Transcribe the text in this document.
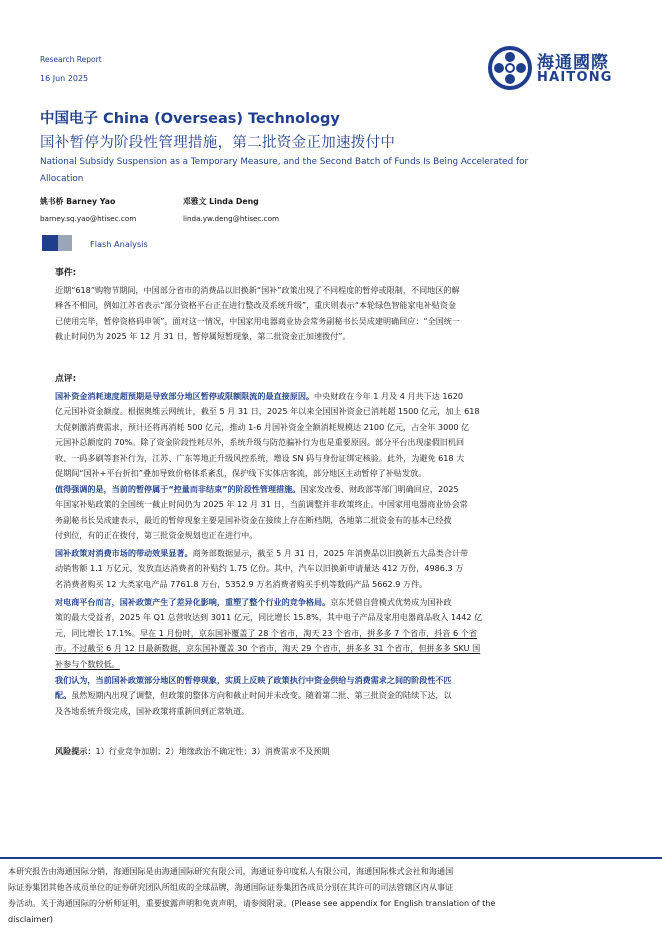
Research Report
16 Jun 2025
海通國際
HAITONG
中国电子 China (Overseas) Technology
国补暂停为阶段性管理措施，第二批资金正加速拨付中
National Subsidy Suspension as a Temporary Measure, and the Second Batch of Funds Is Being Accelerated for
Allocation
姚书桥 Barney Yao
barney.sq.yao@htisec.com
邓雅文 Linda Deng
linda.yw.deng@htisec.com
Flash Analysis
事件:
近期“618”购物节期间，中国部分省市的消费品以旧换新“国补”政策出现了不同程度的暂停或限制，不同地区的解
释各不相同，例如江苏省表示“部分资格平台正在进行整改及系统升级”，重庆则表示“本轮绿色智能家电补贴资金
已使用完毕，暂停资格码申领”。面对这一情况，中国家用电器商业协会常务副秘书长吴成建明确回应：“全国统一
截止时间仍为 2025 年 12 月 31 日，暂停属短暂现象，第二批资金正加速拨付”。
点评:
国补资金消耗速度超预期是导致部分地区暂停或限额限流的最直接原因。中央财政在今年 1 月及 4 月共下达 1620
亿元国补资金额度。根据奥维云网统计，截至 5 月 31 日，2025 年以来全国国补资金已消耗超 1500 亿元，加上 618
大促刺激消费需求，预计还将再消耗 500 亿元，推动 1-6 月国补资金全额消耗规模达 2100 亿元，占全年 3000 亿
元国补总额度的 70%。除了资金阶段性耗尽外，系统升级与防范骗补行为也是重要原因。部分平台出现虚假旧机回
收、一码多刷等套补行为，江苏、广东等地正升级风控系统，增设 SN 码与身份证绑定核验。此外，为避免 618 大
促期间“国补+平台折扣”叠加导致价格体系紊乱，保护线下实体店客流，部分地区主动暂停了补贴发放。
值得强调的是，当前的暂停属于“控量而非结束”的阶段性管理措施。国家发改委、财政部等部门明确回应，2025
年国家补贴政策的全国统一截止时间仍为 2025 年 12 月 31 日，当前调整并非政策终止。中国家用电器商业协会常
务副秘书长吴成建表示，最近的暂停现象主要是国补资金在接续上存在断档期，各地第二批资金有的基本已经拨
付到位，有的正在拨付，第三批资金规划也正在进行中。
国补政策对消费市场的带动效果显著。商务部数据显示，截至 5 月 31 日，2025 年消费品以旧换新五大品类合计带
动销售额 1.1 万亿元，发放直达消费者的补贴约 1.75 亿份。其中，汽车以旧换新申请量达 412 万份，4986.3 万
名消费者购买 12 大类家电产品 7761.8 万台，5352.9 万名消费者购买手机等数码产品 5662.9 万件。
对电商平台而言，国补政策产生了差异化影响，重塑了整个行业的竞争格局。京东凭借自营模式优势成为国补政
策的最大受益者，2025 年 Q1 总营收达到 3011 亿元，同比增长 15.8%，其中电子产品及家用电器商品收入 1442 亿
元，同比增长 17.1%。早在 1 月份时，京东国补覆盖了 28 个省市，淘天 23 个省市，拼多多 7 个省市，抖音 6 个省
市。不过截至 6 月 12 日最新数据，京东国补覆盖 30 个省市，淘天 29 个省市，拼多多 31 个省市，但拼多多 SKU 国
补参与个数较低。
我们认为，当前国补政策部分地区的暂停现象，实质上反映了政策执行中资金供给与消费需求之间的阶段性不匹
配。虽然短期内出现了调整，但政策的整体方向和截止时间并未改变。随着第二批、第三批资金的陆续下达，以
及各地系统升级完成，国补政策将重新回到正常轨道。
风险提示：1）行业竞争加剧；2）地缘政治不确定性；3）消费需求不及预期
本研究报告由海通国际分销，海通国际是由海通国际研究有限公司，海通证券印度私人有限公司，海通国际株式会社和海通国
际证券集团其他各成员单位的证券研究团队所组成的全球品牌，海通国际证券集团各成员分别在其许可的司法管辖区内从事证
券活动。关于海通国际的分析师证明，重要披露声明和免责声明，请参阅附录。(Please see appendix for English translation of the
disclaimer)
